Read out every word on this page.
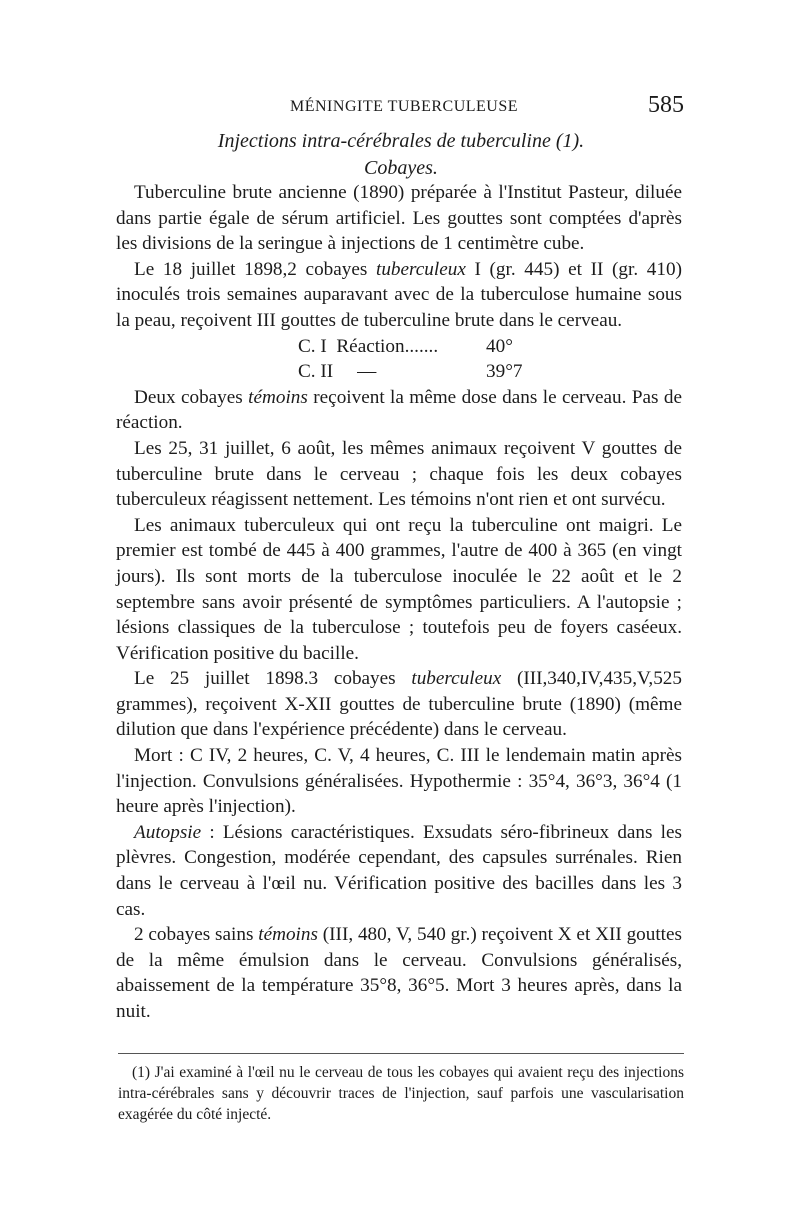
MÉNINGITE TUBERCULEUSE	585
Injections intra-cérébrales de tuberculine (1).
Cobayes.

Tuberculine brute ancienne (1890) préparée à l'Institut Pasteur, diluée dans partie égale de sérum artificiel. Les gouttes sont comptées d'après les divisions de la seringue à injections de 1 centimètre cube.

Le 18 juillet 1898,2 cobayes tuberculeux I (gr. 445) et II (gr. 410) inoculés trois semaines auparavant avec de la tuberculose humaine sous la peau, reçoivent III gouttes de tuberculine brute dans le cerveau.

C. I  Réaction.......	40°
C. II     —	39°7

Deux cobayes témoins reçoivent la même dose dans le cerveau. Pas de réaction.

Les 25, 31 juillet, 6 août, les mêmes animaux reçoivent V gouttes de tuberculine brute dans le cerveau ; chaque fois les deux cobayes tuberculeux réagissent nettement. Les témoins n'ont rien et ont survécu.

Les animaux tuberculeux qui ont reçu la tuberculine ont maigri. Le premier est tombé de 445 à 400 grammes, l'autre de 400 à 365 (en vingt jours). Ils sont morts de la tuberculose inoculée le 22 août et le 2 septembre sans avoir présenté de symptômes particuliers. A l'autopsie ; lésions classiques de la tuberculose ; toutefois peu de foyers caséeux. Vérification positive du bacille.

Le 25 juillet 1898.3 cobayes tuberculeux (III,340,IV,435,V,525 grammes), reçoivent X-XII gouttes de tuberculine brute (1890) (même dilution que dans l'expérience précédente) dans le cerveau.

Mort : C IV, 2 heures, C. V, 4 heures, C. III le lendemain matin après l'injection. Convulsions généralisées. Hypothermie : 35°4, 36°3, 36°4 (1 heure après l'injection).

Autopsie : Lésions caractéristiques. Exsudats séro-fibrineux dans les plèvres. Congestion, modérée cependant, des capsules surrénales. Rien dans le cerveau à l'œil nu. Vérification positive des bacilles dans les 3 cas.

2 cobayes sains témoins (III, 480, V, 540 gr.) reçoivent X et XII gouttes de la même émulsion dans le cerveau. Convulsions généralisés, abaissement de la température 35°8, 36°5. Mort 3 heures après, dans la nuit.

(1) J'ai examiné à l'œil nu le cerveau de tous les cobayes qui avaient reçu des injections intra-cérébrales sans y découvrir traces de l'injection, sauf parfois une vascularisation exagérée du côté injecté.
